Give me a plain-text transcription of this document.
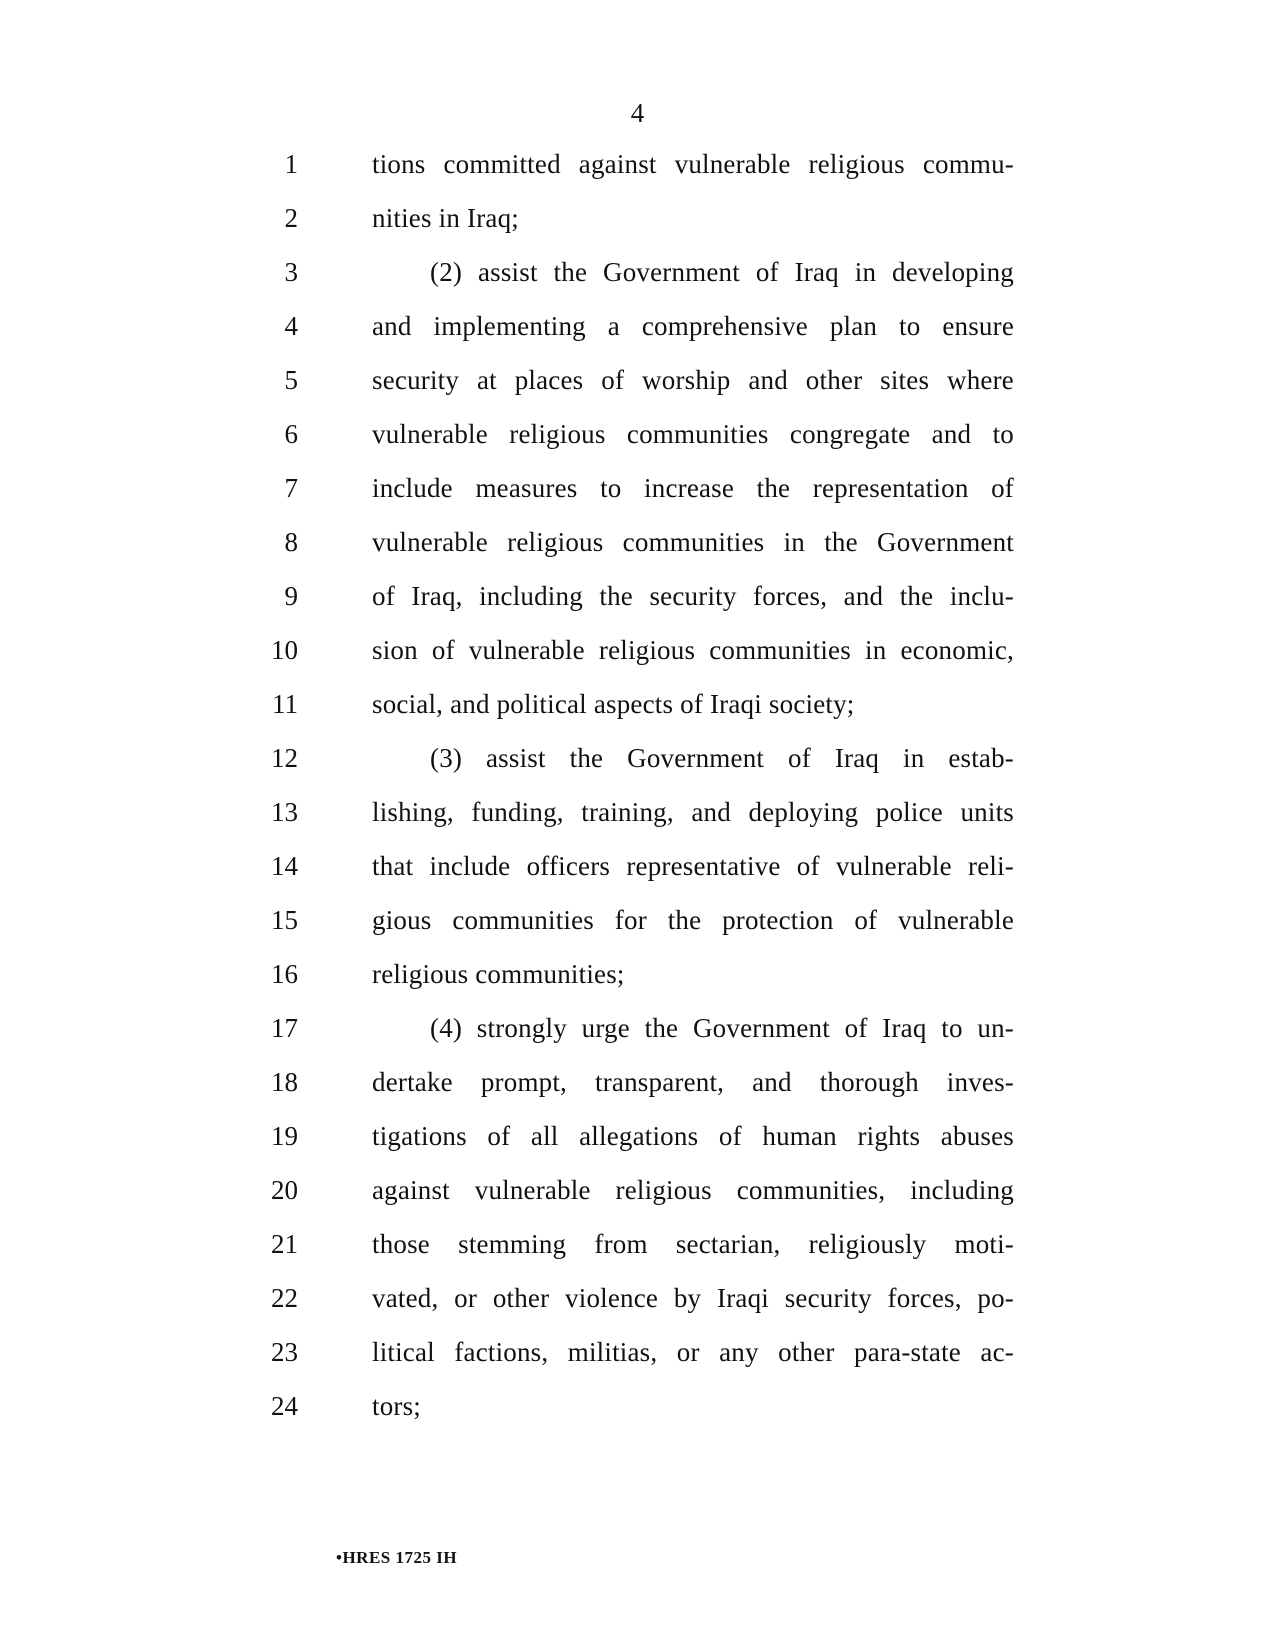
4
1	tions committed against vulnerable religious commu-
2	nities in Iraq;
3	(2) assist the Government of Iraq in developing
4	and implementing a comprehensive plan to ensure
5	security at places of worship and other sites where
6	vulnerable religious communities congregate and to
7	include measures to increase the representation of
8	vulnerable religious communities in the Government
9	of Iraq, including the security forces, and the inclu-
10	sion of vulnerable religious communities in economic,
11	social, and political aspects of Iraqi society;
12	(3) assist the Government of Iraq in estab-
13	lishing, funding, training, and deploying police units
14	that include officers representative of vulnerable reli-
15	gious communities for the protection of vulnerable
16	religious communities;
17	(4) strongly urge the Government of Iraq to un-
18	dertake prompt, transparent, and thorough inves-
19	tigations of all allegations of human rights abuses
20	against vulnerable religious communities, including
21	those stemming from sectarian, religiously moti-
22	vated, or other violence by Iraqi security forces, po-
23	litical factions, militias, or any other para-state ac-
24	tors;
•HRES 1725 IH
